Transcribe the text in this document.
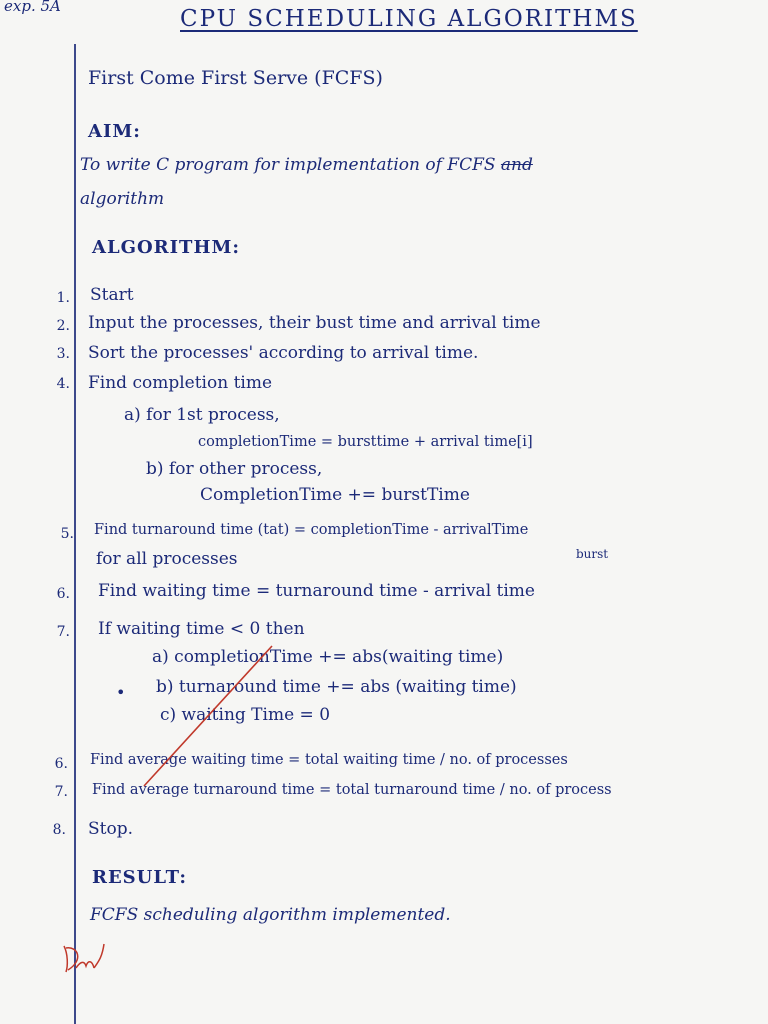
exp. 5A	CPU SCHEDULING ALGORITHMS
First Come First Serve (FCFS)
AIM:
To write C program for implementation of FCFS and
algorithm
ALGORITHM:
1.
2.
3.
4.
5.
6.
7.
6.
7.
8.
Start
Input the processes, their bust time and arrival time
Sort the processes' according to arrival time.
Find completion time
a) for 1st process,
completionTime = bursttime + arrival time[i]
b) for other process,
CompletionTime += burstTime
Find turnaround time (tat) = completionTime - arrivalTime
for all processes	burst
Find waiting time = turnaround time - arrival time
If waiting time < 0 then
a) completionTime += abs(waiting time)
• b) turnaround time += abs (waiting time)
c) waiting Time = 0
Find average waiting time = total waiting time / no. of processes
Find average turnaround time = total turnaround time / no. of process
Stop.
RESULT:
FCFS scheduling algorithm implemented.
